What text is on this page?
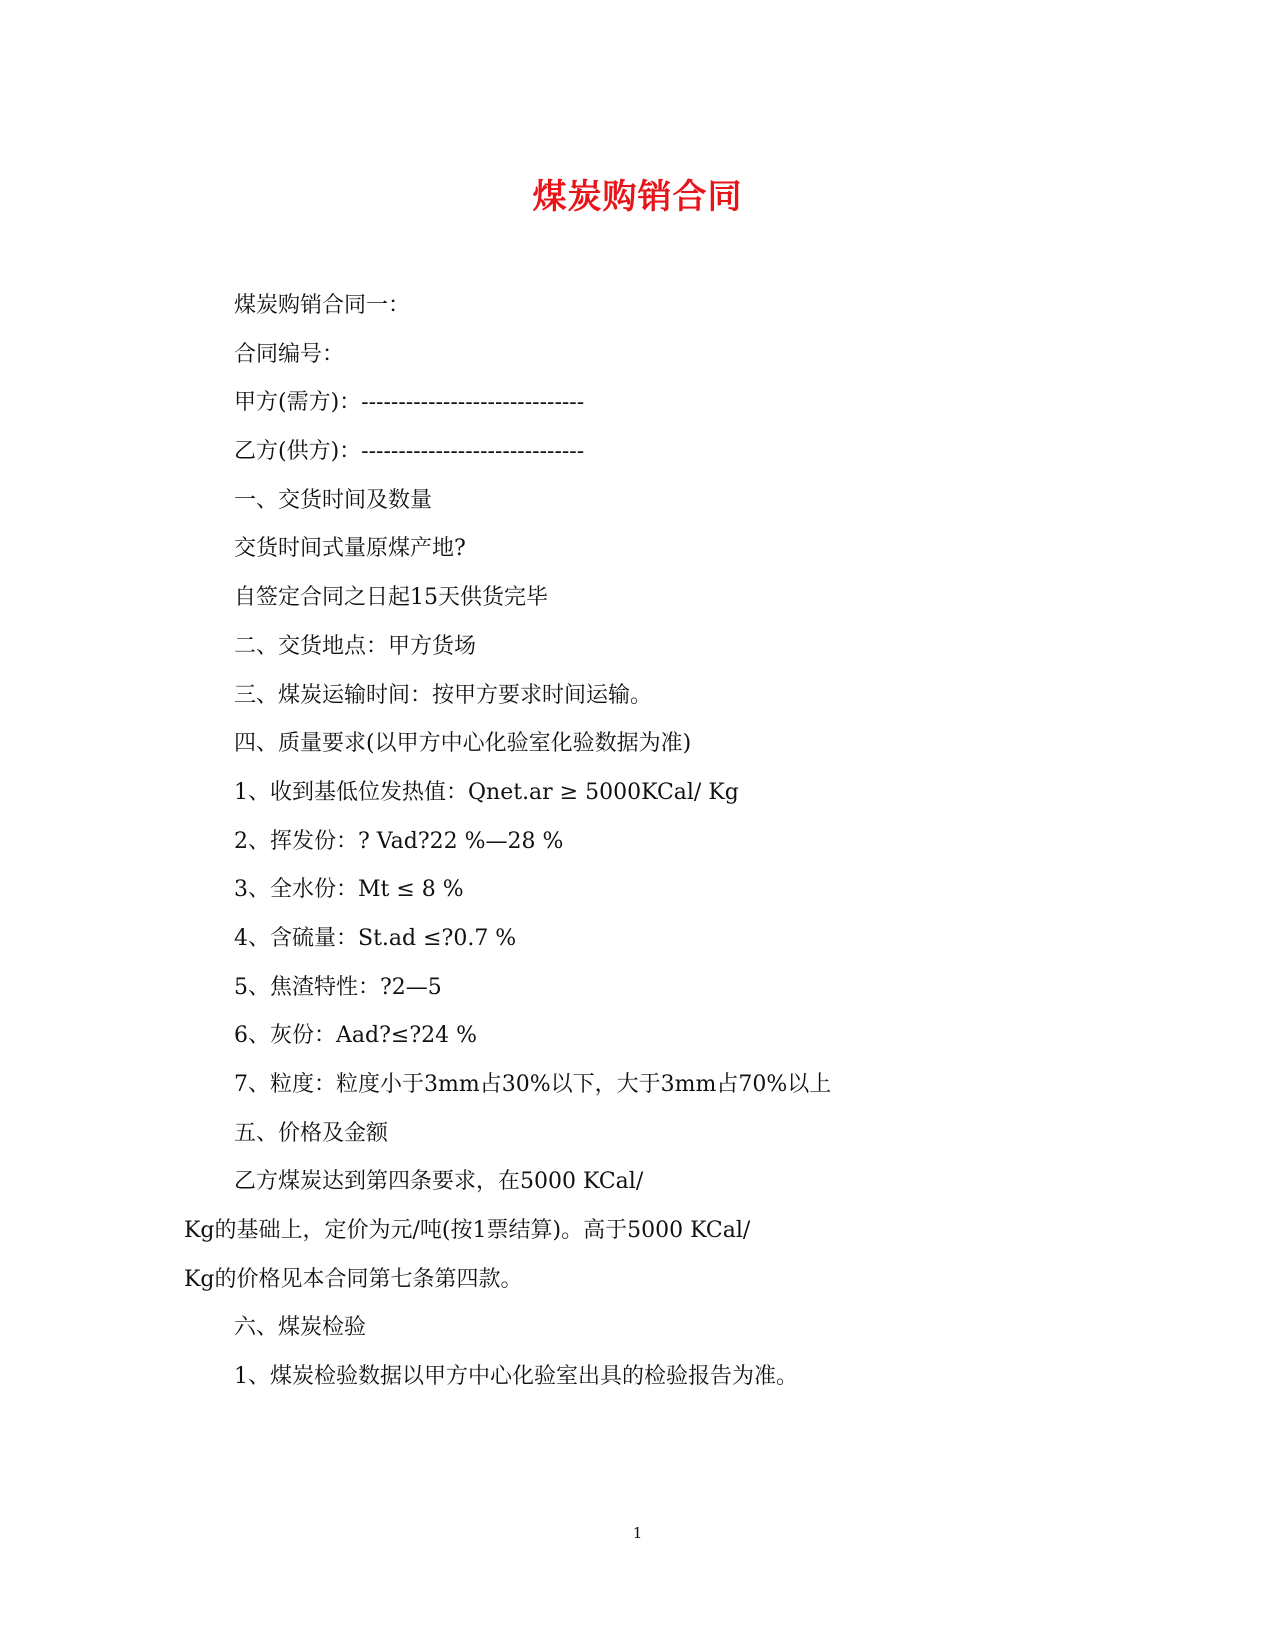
煤炭购销合同
煤炭购销合同一：
合同编号：
甲方(需方)：------------------------------
乙方(供方)：------------------------------
一、交货时间及数量
交货时间式量原煤产地?
自签定合同之日起15天供货完毕
二、交货地点：甲方货场
三、煤炭运输时间：按甲方要求时间运输。
四、质量要求(以甲方中心化验室化验数据为准)
1、收到基低位发热值：Qnet.ar ≥ 5000KCal/ Kg
2、挥发份：? Vad?22 %—28 %
3、全水份：Mt ≤ 8 %
4、含硫量：St.ad ≤?0.7 %
5、焦渣特性：?2—5
6、灰份：Aad?≤?24 %
7、粒度：粒度小于3mm占30%以下，大于3mm占70%以上
五、价格及金额
乙方煤炭达到第四条要求，在5000 KCal/
Kg的基础上，定价为元/吨(按1票结算)。高于5000 KCal/
Kg的价格见本合同第七条第四款。
六、煤炭检验
1、煤炭检验数据以甲方中心化验室出具的检验报告为准。
1
